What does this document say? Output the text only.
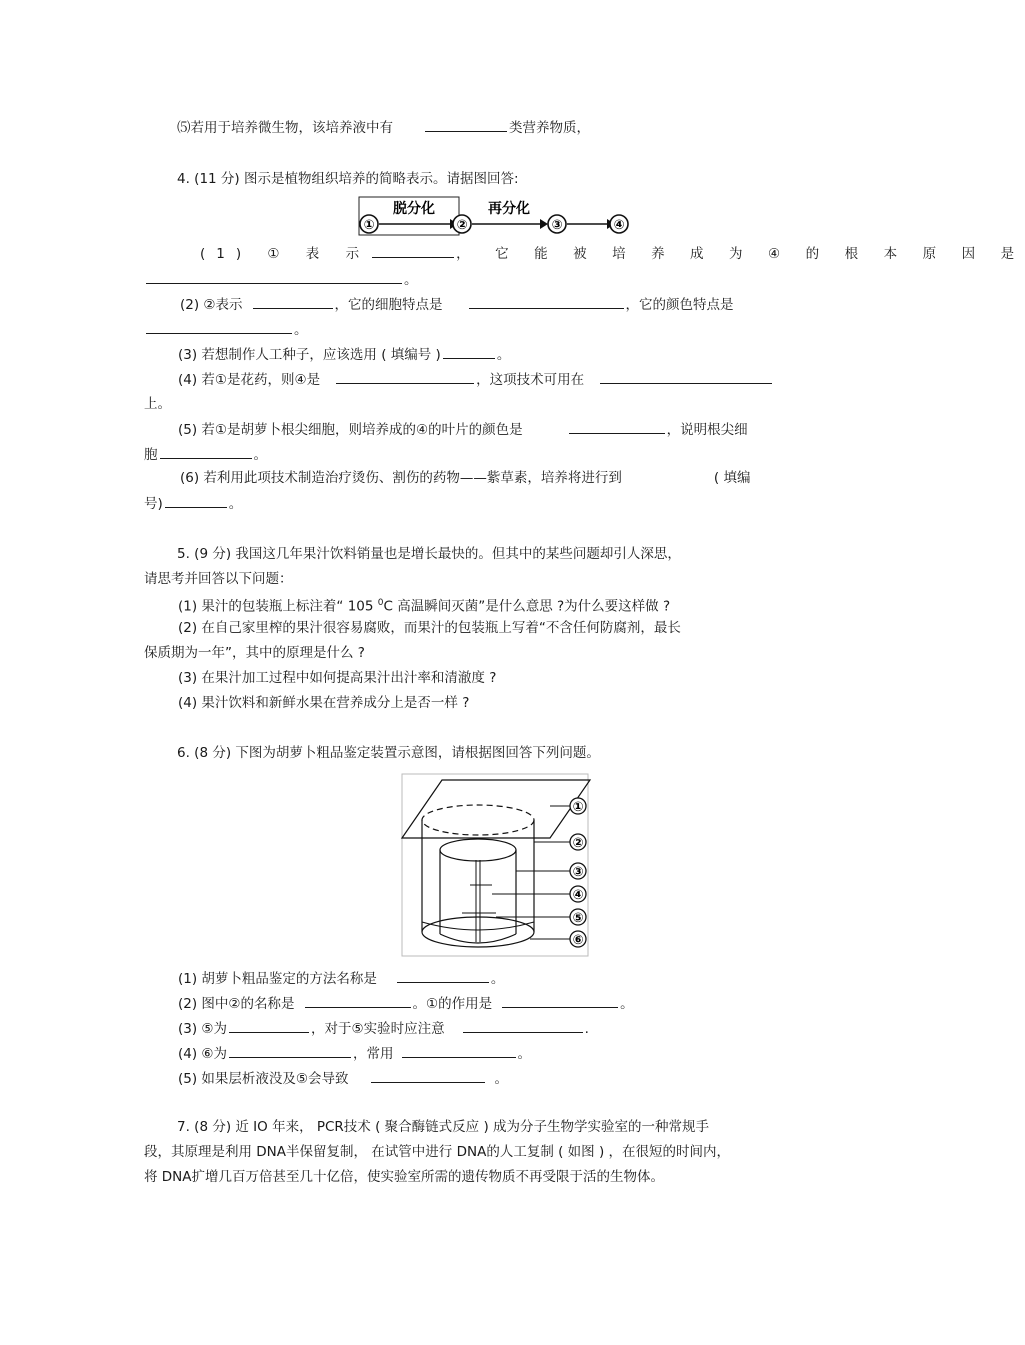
⑸若用于培养微生物，该培养液中有	类营养物质，
4. (11 分) 图示是植物组织培养的简略表示。请据图回答:
①
脱分化
②
再分化
③	④
(1) ① 表 示	， 它 能 被 培 养 成 为 ④ 的 根 本 原 因 是
。
(2) ②表示	，它的细胞特点是	，它的颜色特点是
。
(3) 若想制作人工种子，应该选用 ( 填编号 )	。
(4) 若①是花药，则④是	，这项技术可用在
上。
(5) 若①是胡萝卜根尖细胞，则培养成的④的叶片的颜色是	，说明根尖细
胞	。
(6) 若利用此项技术制造治疗烫伤、割伤的药物——紫草素，培养将进行到	( 填编
号)	。
5. (9 分) 我国这几年果汁饮料销量也是增长最快的。但其中的某些问题却引人深思，
请思考并回答以下问题：
(1) 果汁的包装瓶上标注着“ 105 $^0$C 高温瞬间灭菌”是什么意思 ?为什么要这样做 ?
(2) 在自己家里榨的果汁很容易腐败，而果汁的包装瓶上写着“不含任何防腐剂，最长
保质期为一年”，其中的原理是什么 ?
(3) 在果汁加工过程中如何提高果汁出汁率和清澈度 ?
(4) 果汁饮料和新鲜水果在营养成分上是否一样 ?
6. (8 分) 下图为胡萝卜粗品鉴定装置示意图，请根据图回答下列问题。
①
②
③
④
⑤
⑥
(1) 胡萝卜粗品鉴定的方法名称是	。
(2) 图中②的名称是	。①的作用是	。
(3) ⑤为	，对于⑤实验时应注意	.
(4) ⑥为	，常用	。
(5) 如果层析液没及⑤会导致	。
7. (8 分) 近 IO 年来， PCR技术 ( 聚合酶链式反应 ) 成为分子生物学实验室的一种常规手
段，其原理是利用 DNA半保留复制， 在试管中进行 DNA的人工复制 ( 如图 ) ，在很短的时间内，
将 DNA扩增几百万倍甚至几十亿倍，使实验室所需的遗传物质不再受限于活的生物体。
